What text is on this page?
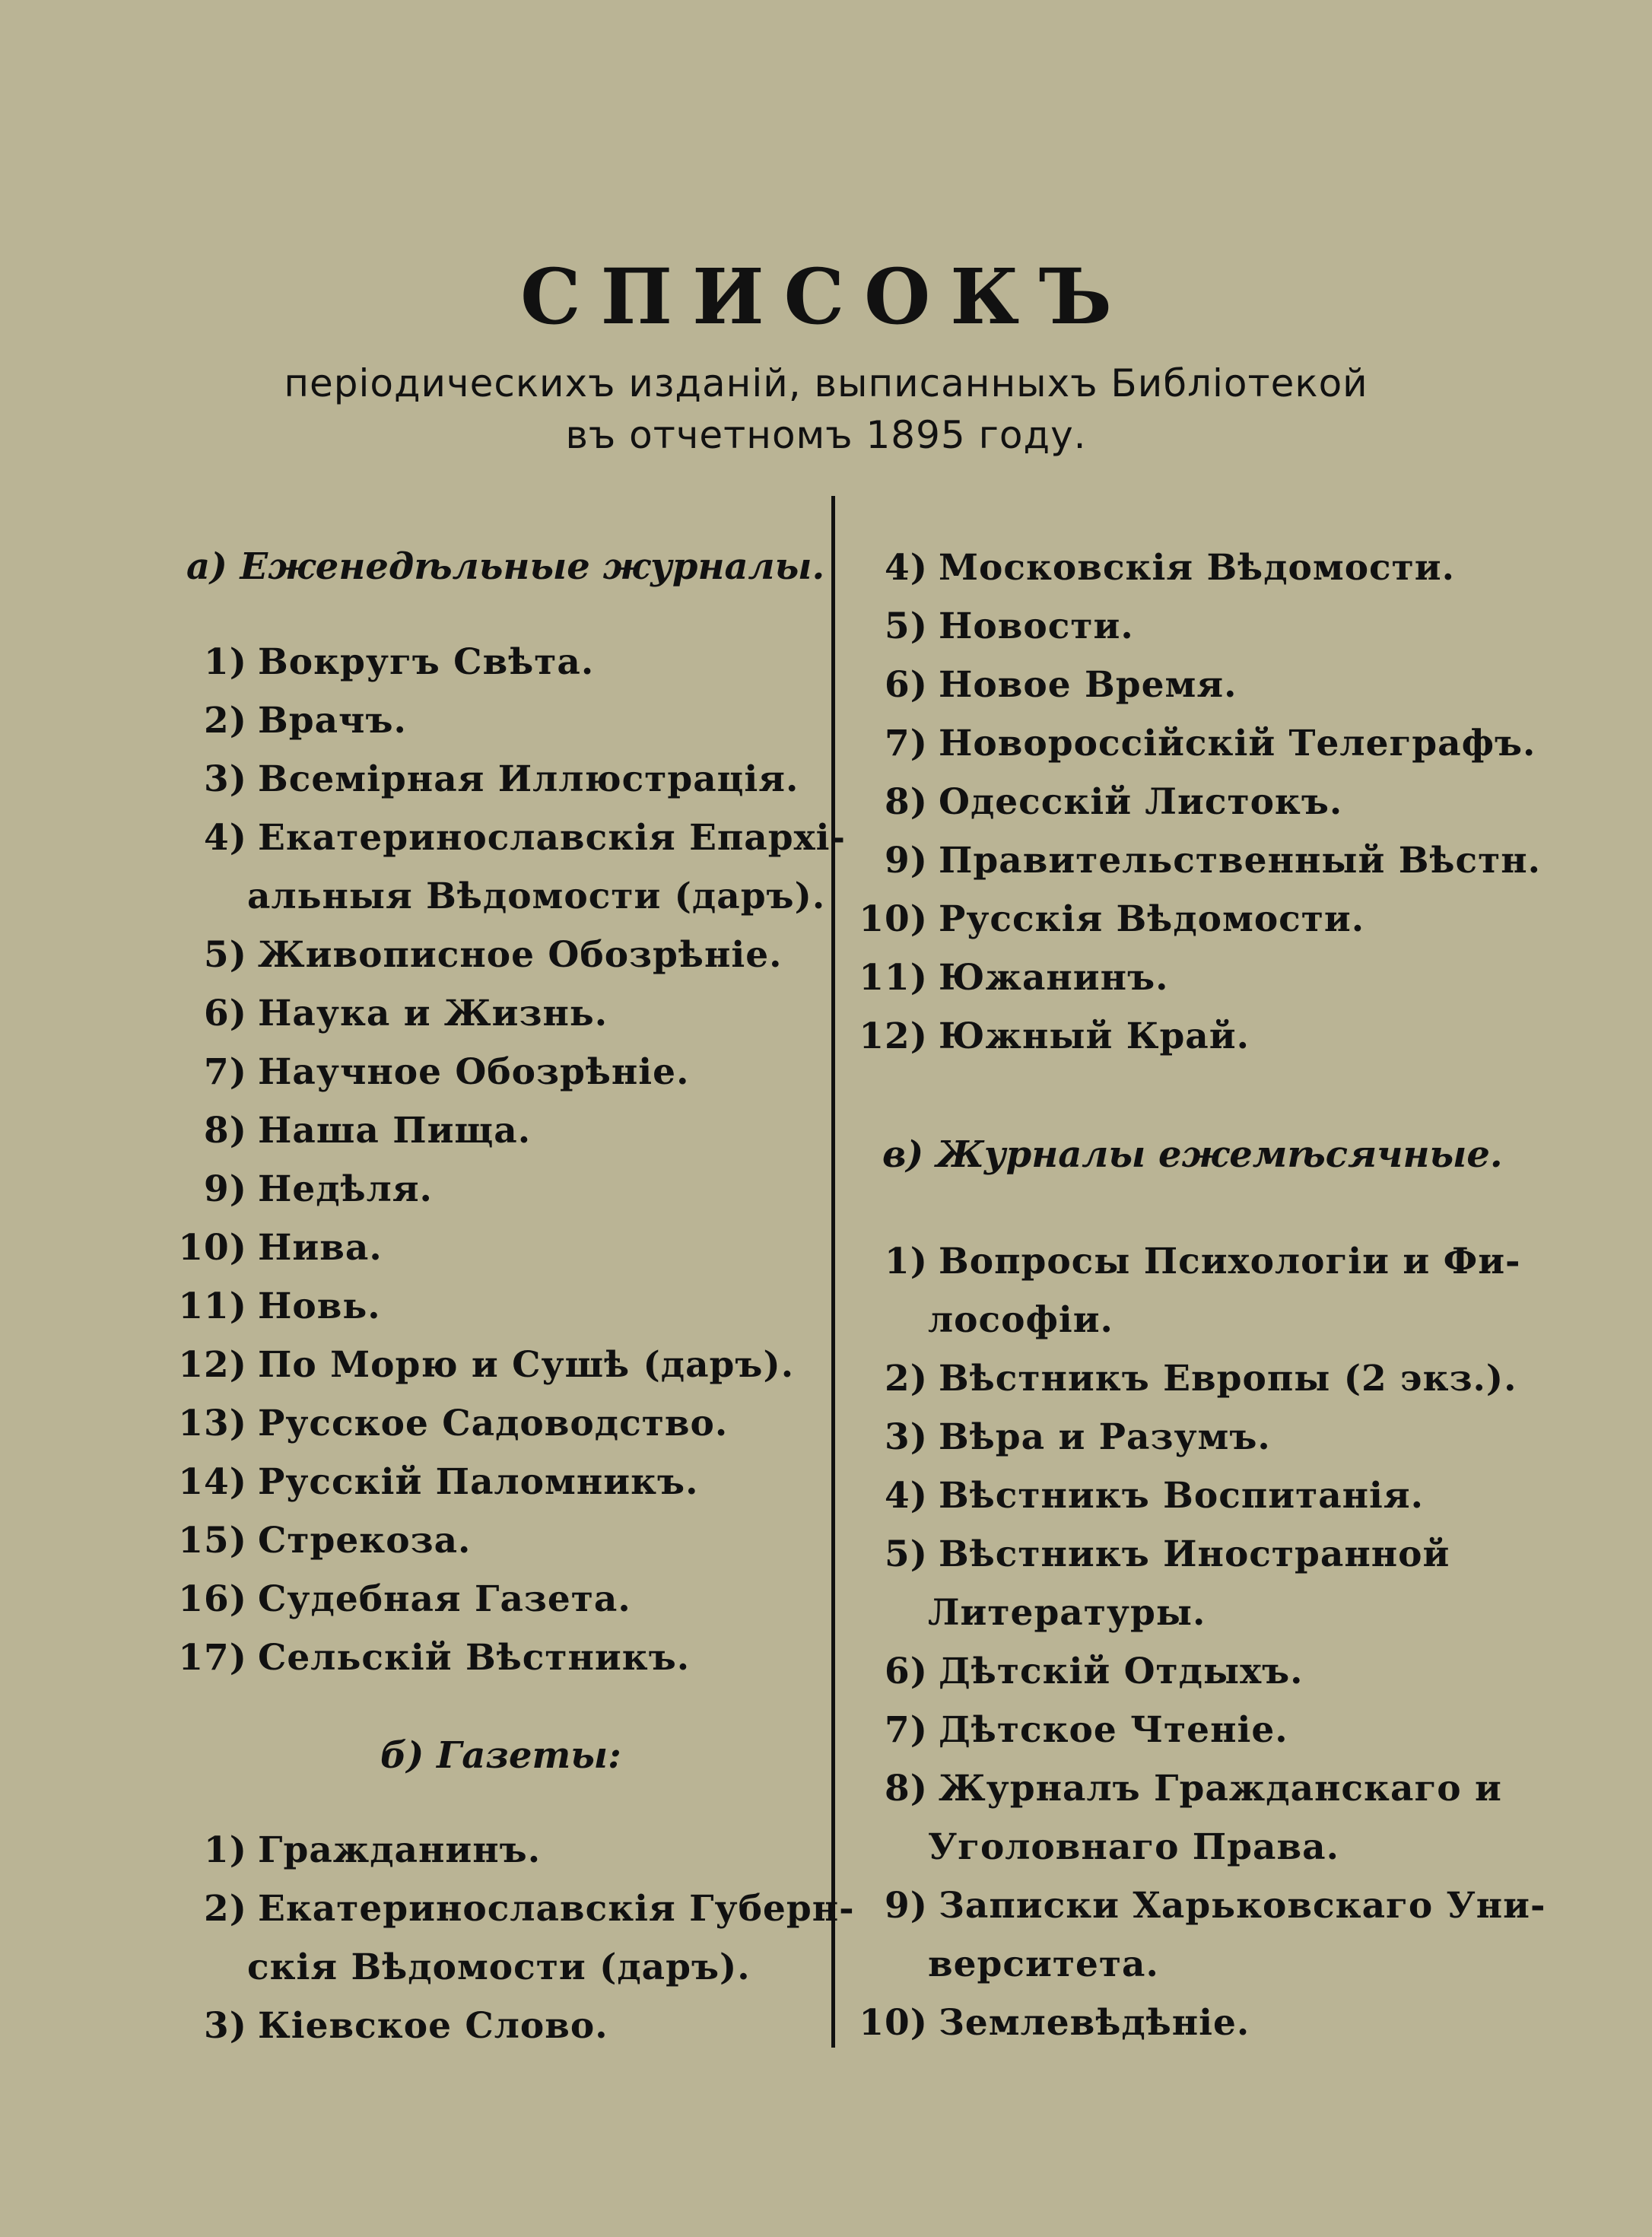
СПИСОКЪ
періодическихъ изданій, выписанныхъ Библіотекой
въ отчетномъ 1895 году.
а) Еженедѣльные журналы.
1) Вокругъ Свѣта.
2) Врачъ.
3) Всемірная Иллюстрація.
4) Екатеринославскія Епархі-
альныя Вѣдомости (даръ).
5) Живописное Обозрѣніе.
6) Наука и Жизнь.
7) Научное Обозрѣніе.
8) Наша Пища.
9) Недѣля.
10) Нива.
11) Новь.
12) По Морю и Сушѣ (даръ).
13) Русское Садоводство.
14) Русскій Паломникъ.
15) Стрекоза.
16) Судебная Газета.
17) Сельскій Вѣстникъ.
б) Газеты:
1) Гражданинъ.
2) Екатеринославскія Губерн-
скія Вѣдомости (даръ).
3) Кіевское Слово.
4) Московскія Вѣдомости.
5) Новости.
6) Новое Время.
7) Новороссійскій Телеграфъ.
8) Одесскій Листокъ.
9) Правительственный Вѣстн.
10) Русскія Вѣдомости.
11) Южанинъ.
12) Южный Край.
в) Журналы ежемѣсячные.
1) Вопросы Психологіи и Фи-
лософіи.
2) Вѣстникъ Европы (2 экз.).
3) Вѣра и Разумъ.
4) Вѣстникъ Воспитанія.
5) Вѣстникъ Иностранной
Литературы.
6) Дѣтскій Отдыхъ.
7) Дѣтское Чтеніе.
8) Журналъ Гражданскаго и
Уголовнаго Права.
9) Записки Харьковскаго Уни-
верситета.
10) Землевѣдѣніе.
